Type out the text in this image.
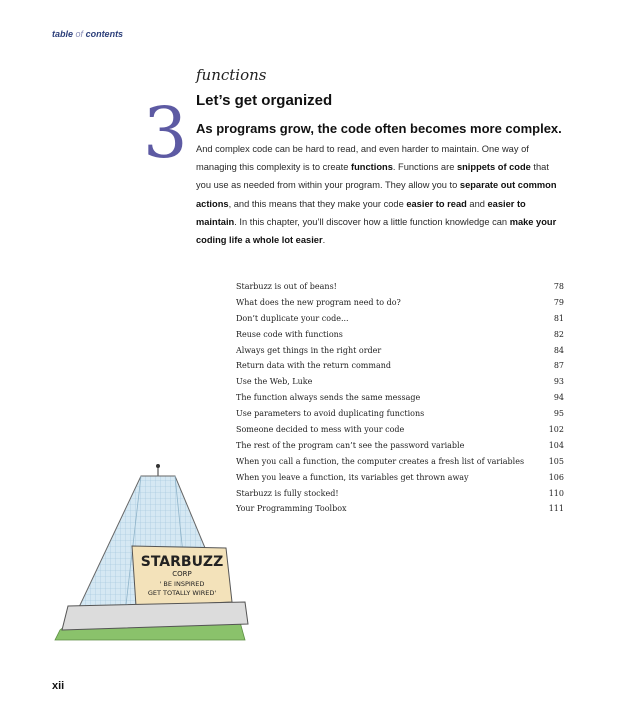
table of contents
3
functions
Let’s get organized
As programs grow, the code often becomes more complex.
And complex code can be hard to read, and even harder to maintain. One way of managing this complexity is to create functions. Functions are snippets of code that you use as needed from within your program. They allow you to separate out common actions, and this means that they make your code easier to read and easier to maintain. In this chapter, you’ll discover how a little function knowledge can make your coding life a whole lot easier.
Starbuzz is out of beans!	78
What does the new program need to do?	79
Don’t duplicate your code...	81
Reuse code with functions	82
Always get things in the right order	84
Return data with the return command	87
Use the Web, Luke	93
The function always sends the same message	94
Use parameters to avoid duplicating functions	95
Someone decided to mess with your code	102
The rest of the program can’t see the password variable	104
When you call a function, the computer creates a fresh list of variables	105
When you leave a function, its variables get thrown away	106
Starbuzz is fully stocked!	110
Your Programming Toolbox	111
STARBUZZ
CORP
' BE INSPIRED
GET TOTALLY WIRED'
xii
